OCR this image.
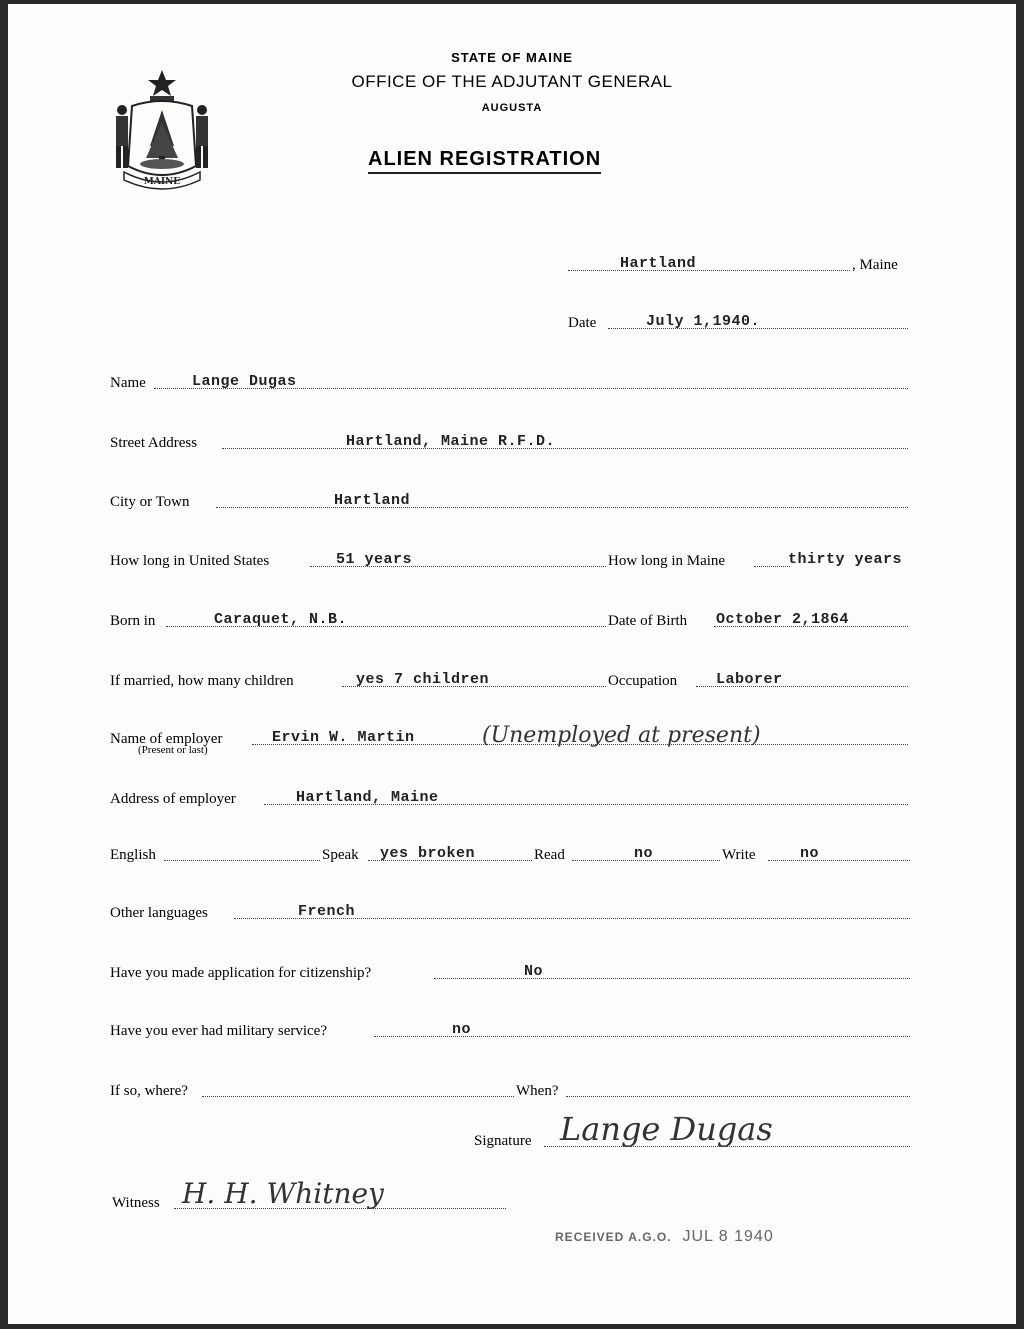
STATE OF MAINE
OFFICE OF THE ADJUTANT GENERAL
AUGUSTA
ALIEN REGISTRATION
MAINE
Hartland	, Maine
Date	July 1,1940.
Name	Lange Dugas
Street Address	Hartland, Maine R.F.D.
City or Town	Hartland
How long in United States	51 years	How long in Maine	thirty years
Born in	Caraquet, N.B.	Date of Birth October 2,1864
If married, how many children	yes 7 children	Occupation	Laborer
Name of employer	Ervin W. Martin	(Unemployed at present)
(Present or last)
Address of employer	Hartland, Maine
English	Speak yes broken	Read	no	Write	no
Other languages	French
Have you made application for citizenship?	No
Have you ever had military service?	no
If so, where?	When?
Signature Lange Dugas
Witness H. H. Whitney
RECEIVED A.G.O. JUL 8 1940
